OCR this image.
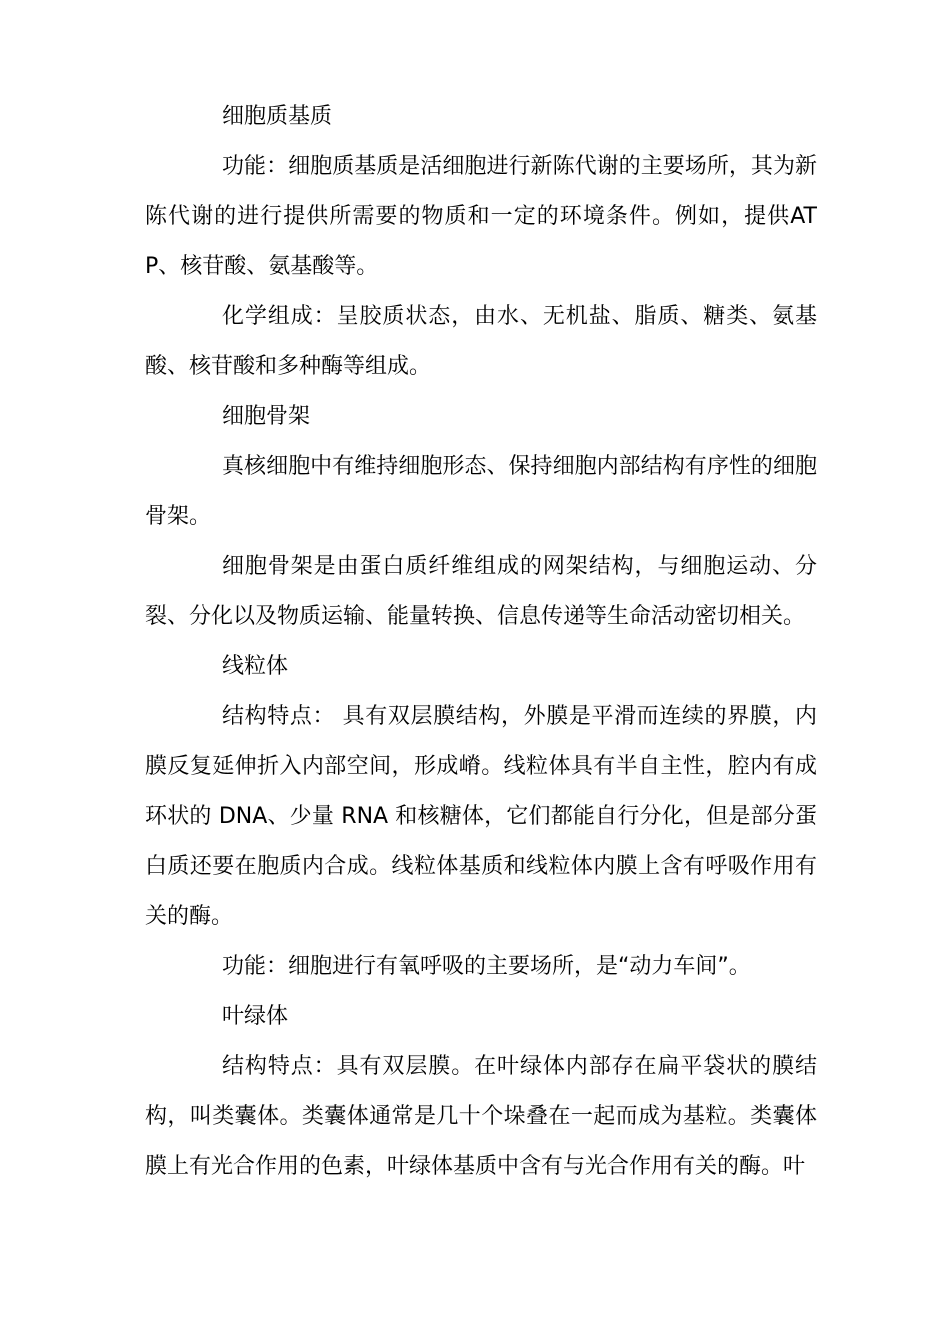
细胞质基质

功能：细胞质基质是活细胞进行新陈代谢的主要场所，其为新陈代谢的进行提供所需要的物质和一定的环境条件。例如，提供ATP、核苷酸、氨基酸等。

化学组成：呈胶质状态，由水、无机盐、脂质、糖类、氨基酸、核苷酸和多种酶等组成。

细胞骨架

真核细胞中有维持细胞形态、保持细胞内部结构有序性的细胞骨架。

细胞骨架是由蛋白质纤维组成的网架结构，与细胞运动、分裂、分化以及物质运输、能量转换、信息传递等生命活动密切相关。

线粒体

结构特点： 具有双层膜结构，外膜是平滑而连续的界膜，内膜反复延伸折入内部空间，形成嵴。线粒体具有半自主性，腔内有成环状的 DNA、少量 RNA 和核糖体，它们都能自行分化，但是部分蛋白质还要在胞质内合成。线粒体基质和线粒体内膜上含有呼吸作用有关的酶。

功能：细胞进行有氧呼吸的主要场所，是“动力车间”。

叶绿体

结构特点：具有双层膜。在叶绿体内部存在扁平袋状的膜结构，叫类囊体。类囊体通常是几十个垛叠在一起而成为基粒。类囊体膜上有光合作用的色素，叶绿体基质中含有与光合作用有关的酶。叶
